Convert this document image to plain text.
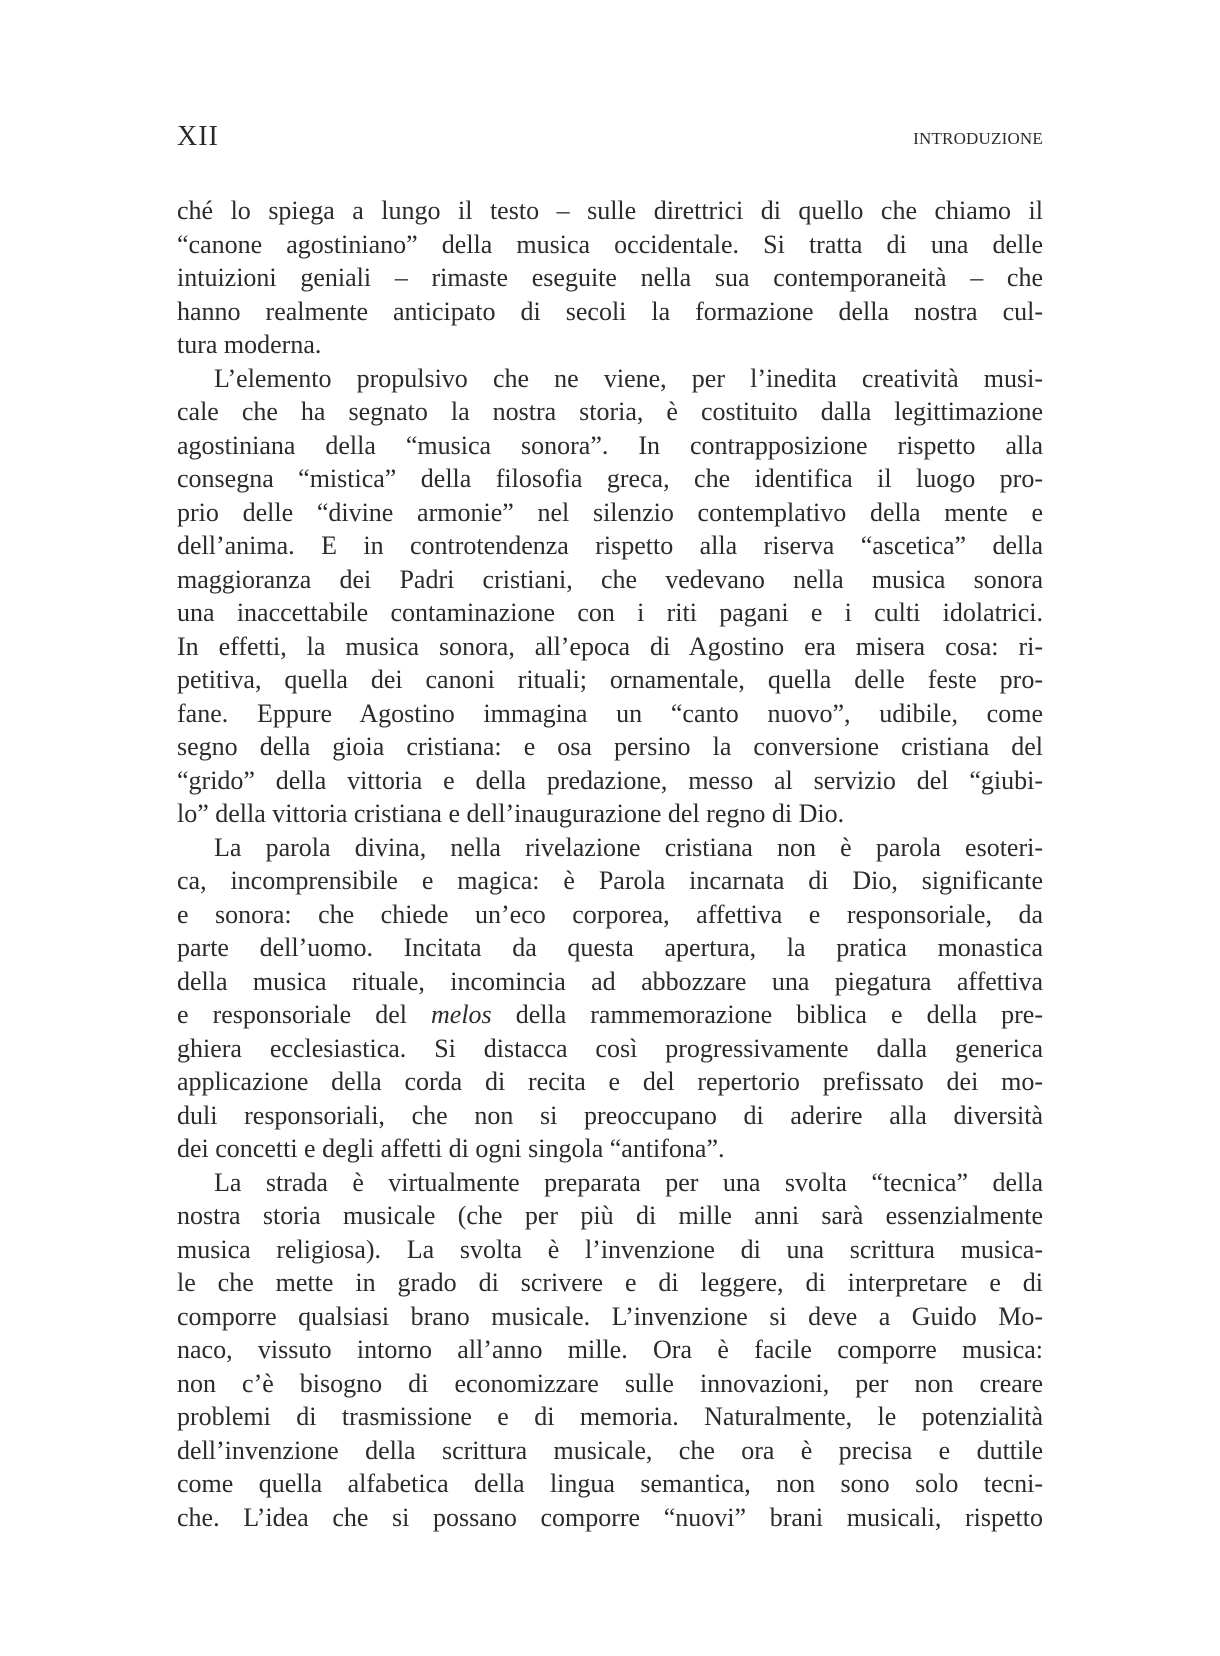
XII	INTRODUZIONE
ché lo spiega a lungo il testo – sulle direttrici di quello che chiamo il
“canone agostiniano” della musica occidentale. Si tratta di una delle
intuizioni geniali – rimaste eseguite nella sua contemporaneità – che
hanno realmente anticipato di secoli la formazione della nostra cul-
tura moderna.
L’elemento propulsivo che ne viene, per l’inedita creatività musi-
cale che ha segnato la nostra storia, è costituito dalla legittimazione
agostiniana della “musica sonora”. In contrapposizione rispetto alla
consegna “mistica” della filosofia greca, che identifica il luogo pro-
prio delle “divine armonie” nel silenzio contemplativo della mente e
dell’anima. E in controtendenza rispetto alla riserva “ascetica” della
maggioranza dei Padri cristiani, che vedevano nella musica sonora
una inaccettabile contaminazione con i riti pagani e i culti idolatrici.
In effetti, la musica sonora, all’epoca di Agostino era misera cosa: ri-
petitiva, quella dei canoni rituali; ornamentale, quella delle feste pro-
fane. Eppure Agostino immagina un “canto nuovo”, udibile, come
segno della gioia cristiana: e osa persino la conversione cristiana del
“grido” della vittoria e della predazione, messo al servizio del “giubi-
lo” della vittoria cristiana e dell’inaugurazione del regno di Dio.
La parola divina, nella rivelazione cristiana non è parola esoteri-
ca, incomprensibile e magica: è Parola incarnata di Dio, significante
e sonora: che chiede un’eco corporea, affettiva e responsoriale, da
parte dell’uomo. Incitata da questa apertura, la pratica monastica
della musica rituale, incomincia ad abbozzare una piegatura affettiva
e responsoriale del melos della rammemorazione biblica e della pre-
ghiera ecclesiastica. Si distacca così progressivamente dalla generica
applicazione della corda di recita e del repertorio prefissato dei mo-
duli responsoriali, che non si preoccupano di aderire alla diversità
dei concetti e degli affetti di ogni singola “antifona”.
La strada è virtualmente preparata per una svolta “tecnica” della
nostra storia musicale (che per più di mille anni sarà essenzialmente
musica religiosa). La svolta è l’invenzione di una scrittura musica-
le che mette in grado di scrivere e di leggere, di interpretare e di
comporre qualsiasi brano musicale. L’invenzione si deve a Guido Mo-
naco, vissuto intorno all’anno mille. Ora è facile comporre musica:
non c’è bisogno di economizzare sulle innovazioni, per non creare
problemi di trasmissione e di memoria. Naturalmente, le potenzialità
dell’invenzione della scrittura musicale, che ora è precisa e duttile
come quella alfabetica della lingua semantica, non sono solo tecni-
che. L’idea che si possano comporre “nuovi” brani musicali, rispetto
